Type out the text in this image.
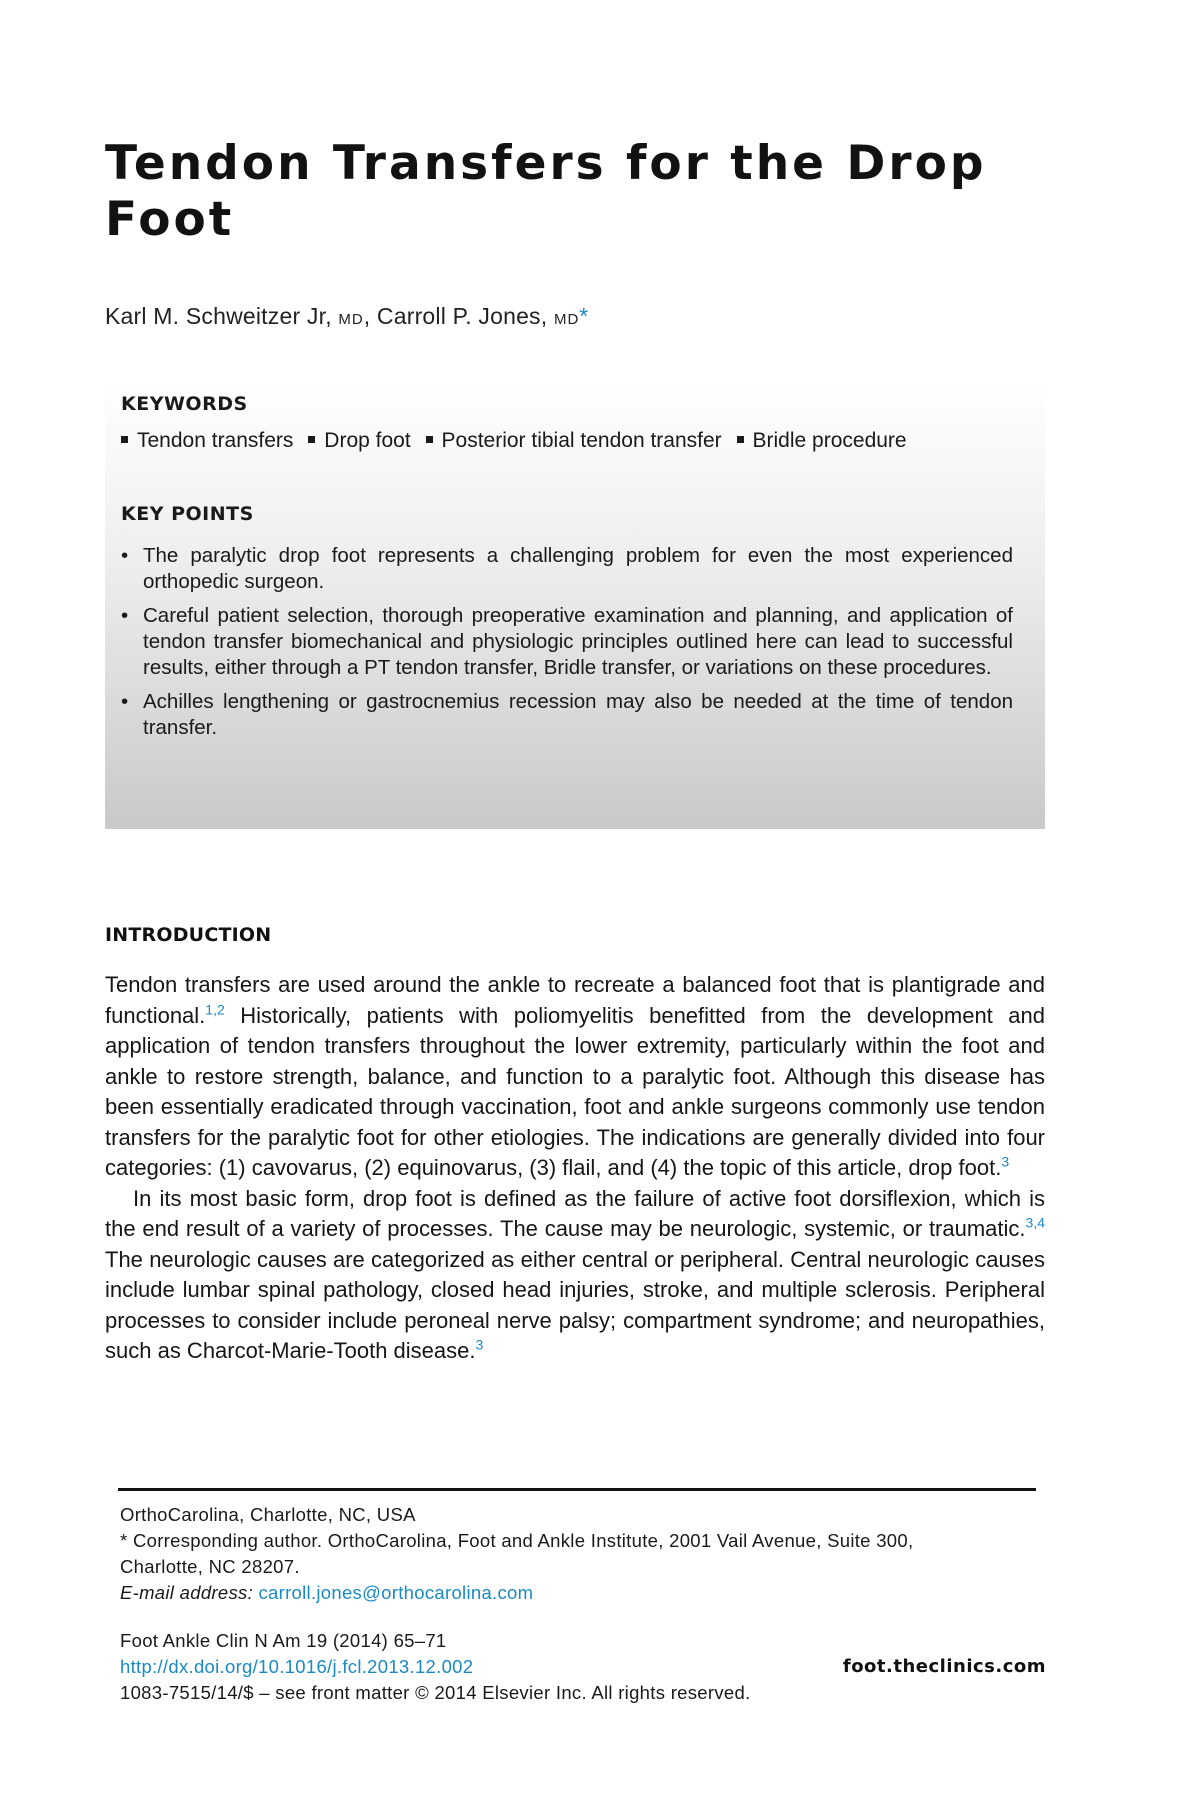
Tendon Transfers for the Drop Foot
Karl M. Schweitzer Jr, MD, Carroll P. Jones, MD*
KEYWORDS
Tendon transfers Drop foot Posterior tibial tendon transfer Bridle procedure
KEY POINTS
• The paralytic drop foot represents a challenging problem for even the most experienced orthopedic surgeon.
• Careful patient selection, thorough preoperative examination and planning, and application of tendon transfer biomechanical and physiologic principles outlined here can lead to successful results, either through a PT tendon transfer, Bridle transfer, or variations on these procedures.
• Achilles lengthening or gastrocnemius recession may also be needed at the time of tendon transfer.
INTRODUCTION

Tendon transfers are used around the ankle to recreate a balanced foot that is plantigrade and functional.$^{1,2}$ Historically, patients with poliomyelitis benefitted from the development and application of tendon transfers throughout the lower extremity, particularly within the foot and ankle to restore strength, balance, and function to a paralytic foot. Although this disease has been essentially eradicated through vaccination, foot and ankle surgeons commonly use tendon transfers for the paralytic foot for other etiologies. The indications are generally divided into four categories: (1) cavovarus, (2) equinovarus, (3) flail, and (4) the topic of this article, drop foot.$^3$

In its most basic form, drop foot is defined as the failure of active foot dorsiflexion, which is the end result of a variety of processes. The cause may be neurologic, systemic, or traumatic.$^{3,4}$ The neurologic causes are categorized as either central or peripheral. Central neurologic causes include lumbar spinal pathology, closed head injuries, stroke, and multiple sclerosis. Peripheral processes to consider include peroneal nerve palsy; compartment syndrome; and neuropathies, such as Charcot-Marie-Tooth disease.$^3$

OrthoCarolina, Charlotte, NC, USA
* Corresponding author. OrthoCarolina, Foot and Ankle Institute, 2001 Vail Avenue, Suite 300,
Charlotte, NC 28207.
E-mail address: carroll.jones@orthocarolina.com
Foot Ankle Clin N Am 19 (2014) 65–71
http://dx.doi.org/10.1016/j.fcl.2013.12.002	foot.theclinics.com
1083-7515/14/$ – see front matter © 2014 Elsevier Inc. All rights reserved.
